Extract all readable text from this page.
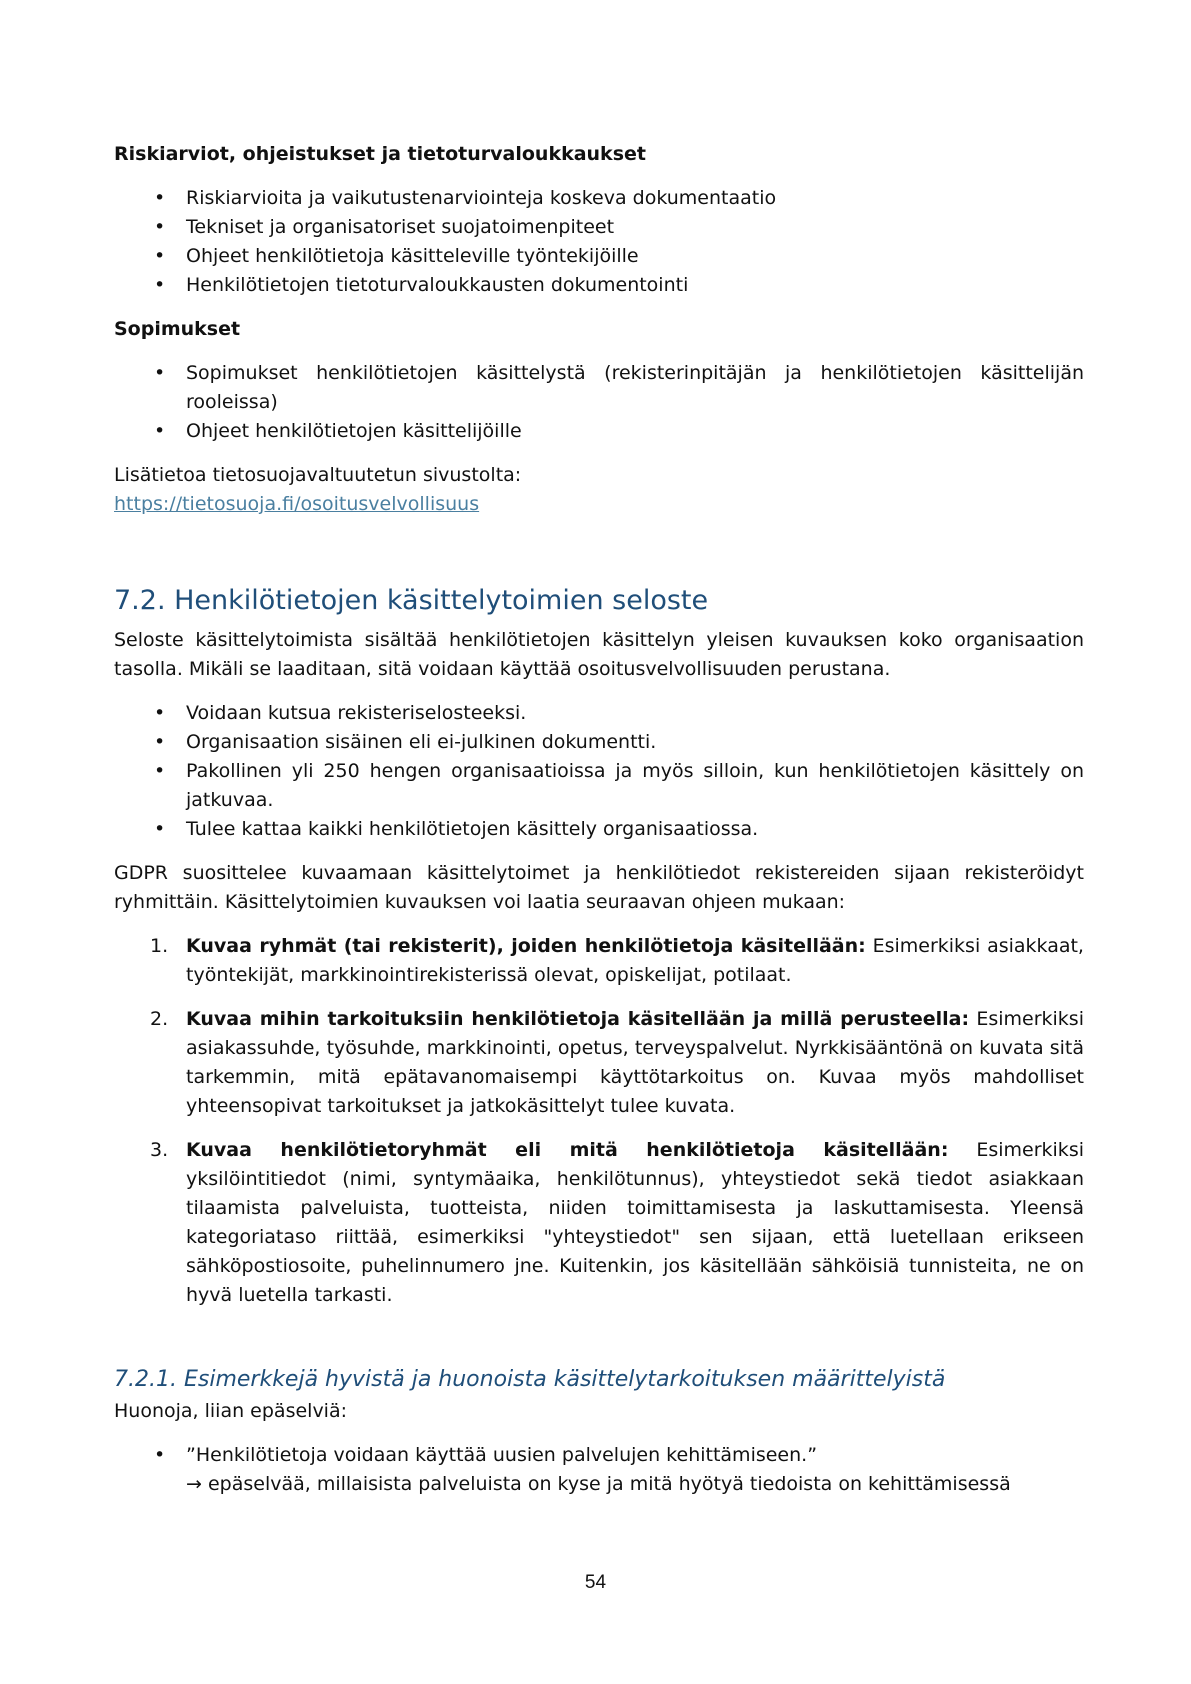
Riskiarviot, ohjeistukset ja tietoturvaloukkaukset
• Riskiarvioita ja vaikutustenarviointeja koskeva dokumentaatio
• Tekniset ja organisatoriset suojatoimenpiteet
• Ohjeet henkilötietoja käsitteleville työntekijöille
• Henkilötietojen tietoturvaloukkausten dokumentointi
Sopimukset
• Sopimukset henkilötietojen käsittelystä (rekisterinpitäjän ja henkilötietojen käsittelijän rooleissa)
• Ohjeet henkilötietojen käsittelijöille

Lisätietoa tietosuojavaltuutetun sivustolta:

https://tietosuoja.fi/osoitusvelvollisuus
7.2. Henkilötietojen käsittelytoimien seloste

Seloste käsittelytoimista sisältää henkilötietojen käsittelyn yleisen kuvauksen koko organisaation tasolla. Mikäli se laaditaan, sitä voidaan käyttää osoitusvelvollisuuden perustana.

• Voidaan kutsua rekisteriselosteeksi.
• Organisaation sisäinen eli ei-julkinen dokumentti.
• Pakollinen yli 250 hengen organisaatioissa ja myös silloin, kun henkilötietojen käsittely on jatkuvaa.
• Tulee kattaa kaikki henkilötietojen käsittely organisaatiossa.

GDPR suosittelee kuvaamaan käsittelytoimet ja henkilötiedot rekistereiden sijaan rekisteröidyt ryhmittäin. Käsittelytoimien kuvauksen voi laatia seuraavan ohjeen mukaan:

1. Kuvaa ryhmät (tai rekisterit), joiden henkilötietoja käsitellään: Esimerkiksi asiakkaat, työntekijät, markkinointirekisterissä olevat, opiskelijat, potilaat.
2. Kuvaa mihin tarkoituksiin henkilötietoja käsitellään ja millä perusteella: Esimerkiksi asiakassuhde, työsuhde, markkinointi, opetus, terveyspalvelut. Nyrkkisääntönä on kuvata sitä tarkemmin, mitä epätavanomaisempi käyttötarkoitus on. Kuvaa myös mahdolliset yhteensopivat tarkoitukset ja jatkokäsittelyt tulee kuvata.
3. Kuvaa henkilötietoryhmät eli mitä henkilötietoja käsitellään: Esimerkiksi yksilöintitiedot (nimi, syntymäaika, henkilötunnus), yhteystiedot sekä tiedot asiakkaan tilaamista palveluista, tuotteista, niiden toimittamisesta ja laskuttamisesta. Yleensä kategoriataso riittää, esimerkiksi "yhteystiedot" sen sijaan, että luetellaan erikseen sähköpostiosoite, puhelinnumero jne. Kuitenkin, jos käsitellään sähköisiä tunnisteita, ne on hyvä luetella tarkasti.
7.2.1. Esimerkkejä hyvistä ja huonoista käsittelytarkoituksen määrittelyistä

Huonoja, liian epäselviä:

• ”Henkilötietoja voidaan käyttää uusien palvelujen kehittämiseen.”
→ epäselvää, millaisista palveluista on kyse ja mitä hyötyä tiedoista on kehittämisessä
54
